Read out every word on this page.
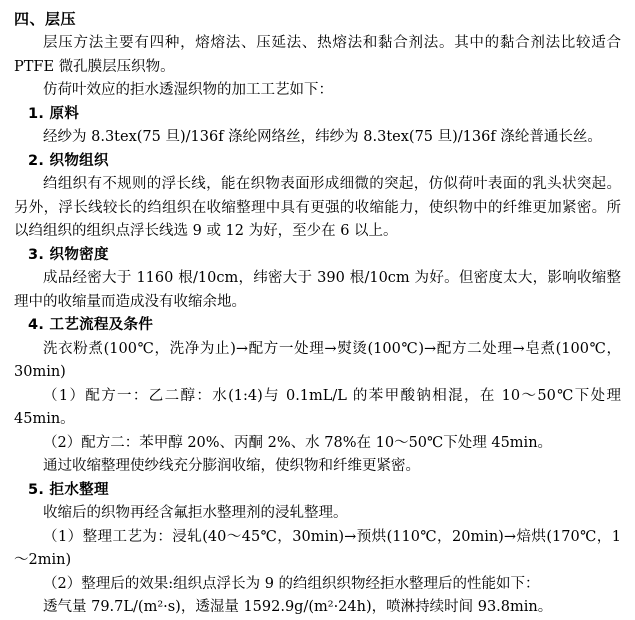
四、层压

层压方法主要有四种，熔熔法、压延法、热熔法和黏合剂法。其中的黏合剂法比较适合PTFE 微孔膜层压织物。

仿荷叶效应的拒水透湿织物的加工工艺如下：

1. 原料

经纱为 8.3tex(75 旦)/136f 涤纶网络丝，纬纱为 8.3tex(75 旦)/136f 涤纶普通长丝。

2. 织物组织

绉组织有不规则的浮长线，能在织物表面形成细微的突起，仿似荷叶表面的乳头状突起。另外，浮长线较长的绉组织在收缩整理中具有更强的收缩能力，使织物中的纤维更加紧密。所以绉组织的组织点浮长线选 9 或 12 为好，至少在 6 以上。

3. 织物密度

成品经密大于 1160 根/10cm，纬密大于 390 根/10cm 为好。但密度太大，影响收缩整理中的收缩量而造成没有收缩余地。

4. 工艺流程及条件

洗衣粉煮(100℃，洗净为止)→配方一处理→熨烫(100℃)→配方二处理→皂煮(100℃，30min)

（1）配方一：乙二醇：水(1:4)与 0.1mL/L 的苯甲酸钠相混，在 10～50℃下处理 45min。

（2）配方二：苯甲醇 20%、丙酮 2%、水 78%在 10～50℃下处理 45min。

通过收缩整理使纱线充分膨润收缩，使织物和纤维更紧密。

5. 拒水整理

收缩后的织物再经含氟拒水整理剂的浸轧整理。

（1）整理工艺为：浸轧(40～45℃，30min)→预烘(110℃，20min)→焙烘(170℃，1～2min)

（2）整理后的效果:组织点浮长为 9 的绉组织织物经拒水整理后的性能如下：

透气量 79.7L/(m²·s)，透湿量 1592.9g/(m²·24h)，喷淋持续时间 93.8min。
